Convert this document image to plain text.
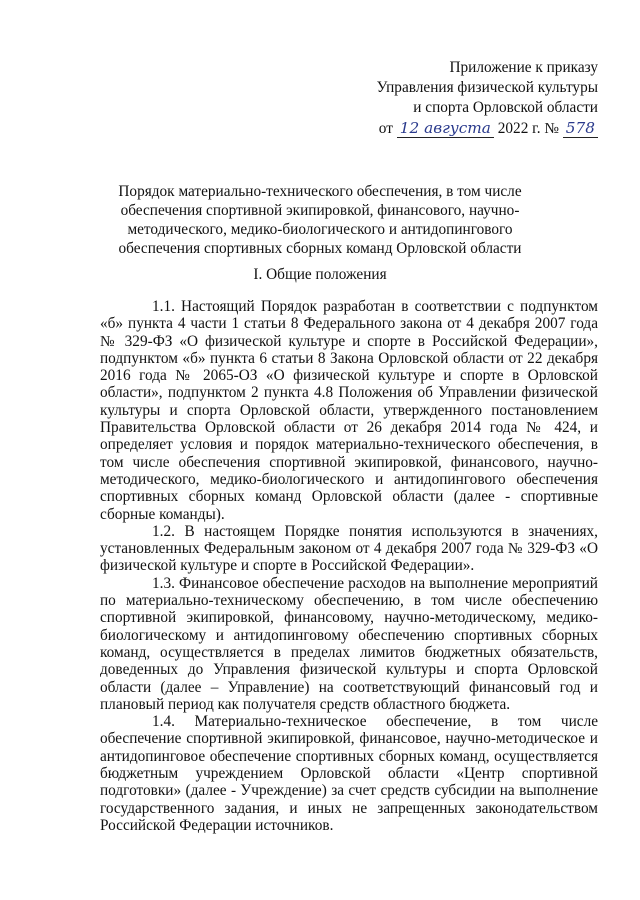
Приложение к приказу
Управления физической культуры
и спорта Орловской области
от 12 августа 2022 г. № 578
Порядок материально-технического обеспечения, в том числе обеспечения спортивной экипировкой, финансового, научно-методического, медико-биологического и антидопингового обеспечения спортивных сборных команд Орловской области
I. Общие положения

1.1. Настоящий Порядок разработан в соответствии с подпунктом «б» пункта 4 части 1 статьи 8 Федерального закона от 4 декабря 2007 года № 329-ФЗ «О физической культуре и спорте в Российской Федерации», подпунктом «б» пункта 6 статьи 8 Закона Орловской области от 22 декабря 2016 года № 2065-ОЗ «О физической культуре и спорте в Орловской области», подпунктом 2 пункта 4.8 Положения об Управлении физической культуры и спорта Орловской области, утвержденного постановлением Правительства Орловской области от 26 декабря 2014 года № 424, и определяет условия и порядок материально-технического обеспечения, в том числе обеспечения спортивной экипировкой, финансового, научно-методического, медико-биологического и антидопингового обеспечения спортивных сборных команд Орловской области (далее - спортивные сборные команды).

1.2. В настоящем Порядке понятия используются в значениях, установленных Федеральным законом от 4 декабря 2007 года № 329-ФЗ «О физической культуре и спорте в Российской Федерации».

1.3. Финансовое обеспечение расходов на выполнение мероприятий по материально-техническому обеспечению, в том числе обеспечению спортивной экипировкой, финансовому, научно-методическому, медико-биологическому и антидопинговому обеспечению спортивных сборных команд, осуществляется в пределах лимитов бюджетных обязательств, доведенных до Управления физической культуры и спорта Орловской области (далее – Управление) на соответствующий финансовый год и плановый период как получателя средств областного бюджета.

1.4. Материально-техническое обеспечение, в том числе обеспечение спортивной экипировкой, финансовое, научно-методическое и антидопинговое обеспечение спортивных сборных команд, осуществляется бюджетным учреждением Орловской области «Центр спортивной подготовки» (далее - Учреждение) за счет средств субсидии на выполнение государственного задания, и иных не запрещенных законодательством Российской Федерации источников.
